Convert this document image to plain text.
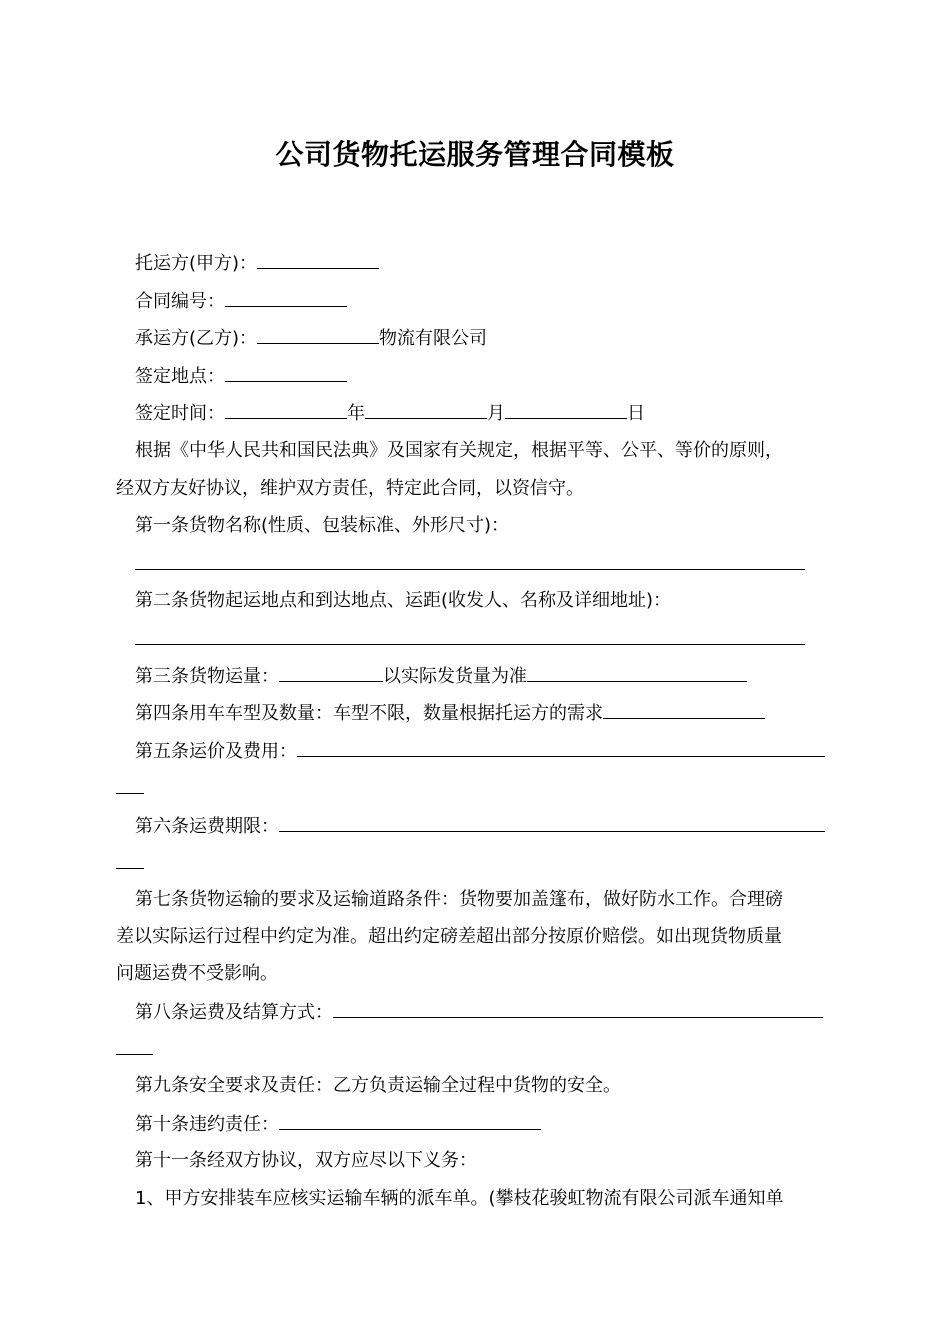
公司货物托运服务管理合同模板
托运方(甲方)：
合同编号：
承运方(乙方)：	物流有限公司
签定地点：
签定时间：	年	月	日
根据《中华人民共和国民法典》及国家有关规定，根据平等、公平、等价的原则，
经双方友好协议，维护双方责任，特定此合同，以资信守。
第一条货物名称(性质、包装标准、外形尺寸)：
第二条货物起运地点和到达地点、运距(收发人、名称及详细地址)：
第三条货物运量：	以实际发货量为准
第四条用车车型及数量：车型不限，数量根据托运方的需求
第五条运价及费用：
第六条运费期限：
第七条货物运输的要求及运输道路条件：货物要加盖篷布，做好防水工作。合理磅
差以实际运行过程中约定为准。超出约定磅差超出部分按原价赔偿。如出现货物质量
问题运费不受影响。
第八条运费及结算方式：
第九条安全要求及责任：乙方负责运输全过程中货物的安全。
第十条违约责任：
第十一条经双方协议，双方应尽以下义务：
1、甲方安排装车应核实运输车辆的派车单。(攀枝花骏虹物流有限公司派车通知单
